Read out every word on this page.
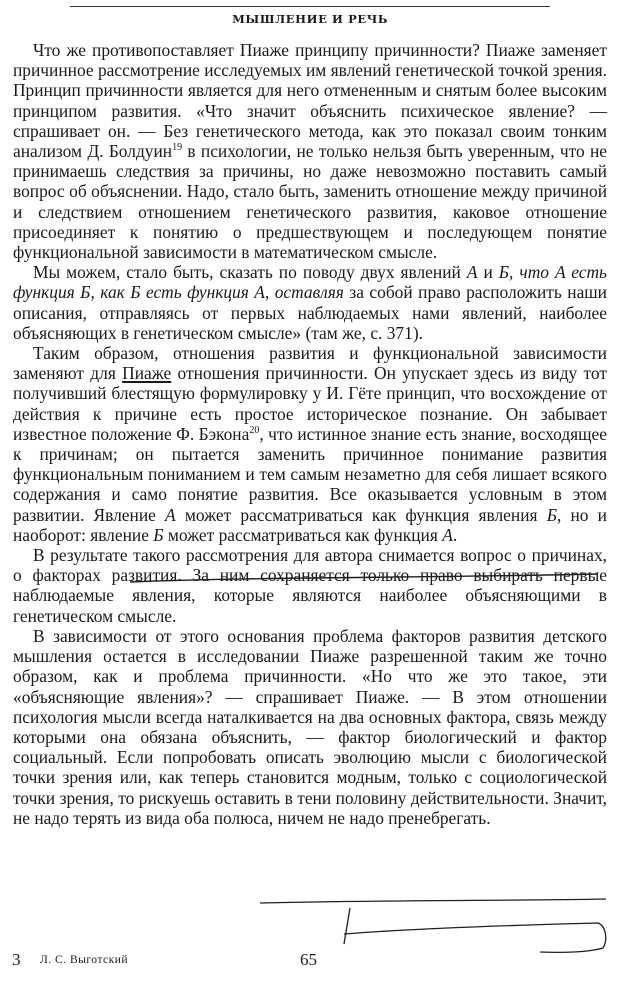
МЫШЛЕНИЕ И РЕЧЬ

Что же противопоставляет Пиаже принципу причинности? Пиаже заменяет причинное рассмотрение исследуемых им явлений генетической точкой зрения. Принцип причинности является для него отмененным и снятым более высоким принципом развития. «Что значит объяснить психическое явление? — спрашивает он. — Без генетического метода, как это показал своим тонким анализом Д. Болдуин$^{19}$ в психологии, не только нельзя быть уверенным, что не принимаешь следствия за причины, но даже невозможно поставить самый вопрос об объяснении. Надо, стало быть, заменить отношение между причиной и следствием отношением генетического развития, каковое отношение присоединяет к понятию о предшествующем и последующем понятие функциональной зависимости в математическом смысле.

Мы можем, стало быть, сказать по поводу двух явлений A и Б, что A есть функция Б, как Б есть функция A, оставляя за собой право расположить наши описания, отправляясь от первых наблюдаемых нами явлений, наиболее объясняющих в генетическом смысле» (там же, с. 371).

Таким образом, отношения развития и функциональной зависимости заменяют для Пиаже отношения причинности. Он упускает здесь из виду тот получивший блестящую формулировку у И. Гёте принцип, что восхождение от действия к причине есть простое историческое познание. Он забывает известное положение Ф. Бэкона$^{20}$, что истинное знание есть знание, восходящее к причинам; он пытается заменить причинное понимание развития функциональным пониманием и тем самым незаметно для себя лишает всякого содержания и само понятие развития. Все оказывается условным в этом развитии. Явление A может рассматриваться как функция явления Б, но и наоборот: явление Б может рассматриваться как функция A.

В результате такого рассмотрения для автора снимается вопрос о причинах, о факторах развития. За ним сохраняется только право выбирать первые наблюдаемые явления, которые являются наиболее объясняющими в генетическом смысле.

В зависимости от этого основания проблема факторов развития детского мышления остается в исследовании Пиаже разрешенной таким же точно образом, как и проблема причинности. «Но что же это такое, эти «объясняющие явления»? — спрашивает Пиаже. — В этом отношении психология мысли всегда наталкивается на два основных фактора, связь между которыми она обязана объяснить, — фактор биологический и фактор социальный. Если попробовать описать эволюцию мысли с биологической точки зрения или, как теперь становится модным, только с социологической точки зрения, то рискуешь оставить в тени половину действительности. Значит, не надо терять из вида оба полюса, ничем не надо пренебрегать.

3 Л. С. Выготский	65
